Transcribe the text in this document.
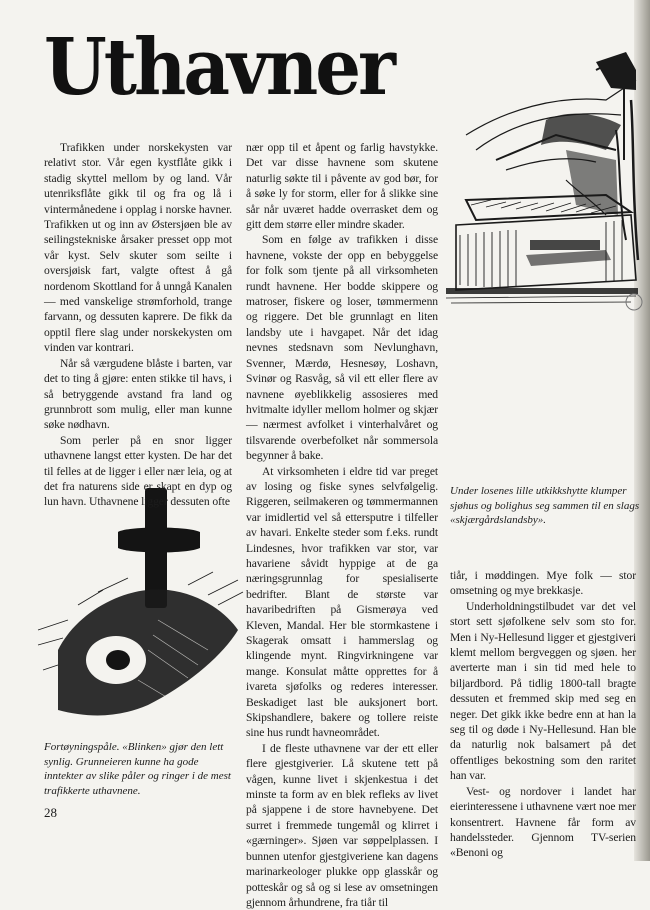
Uthavner

Trafikken under norskekysten var relativt stor. Vår egen kystflåte gikk i stadig skyttel mellom by og land. Vår utenriksflåte gikk til og fra og lå i vintermånedene i opplag i norske havner. Trafikken ut og inn av Østersjøen ble av seilingstekniske årsaker presset opp mot vår kyst. Selv skuter som seilte i oversjøisk fart, valgte oftest å gå nordenom Skottland for å unngå Kanalen — med vanskelige strømforhold, trange farvann, og dessuten kaprere. De fikk da opptil flere slag under norskekysten om vinden var kontrari.

Når så værgudene blåste i barten, var det to ting å gjøre: enten stikke til havs, i så betryggende avstand fra land og grunnbrott som mulig, eller man kunne søke nødhavn.

Som perler på en snor ligger uthavnene langst etter kysten. De har det til felles at de ligger i eller nær leia, og at det fra naturens side er skapt en dyp og lun havn. Uthavnene ligger dessuten ofte

nær opp til et åpent og farlig havstykke. Det var disse havnene som skutene naturlig søkte til i påvente av god bør, for å søke ly for storm, eller for å slikke sine sår når uværet hadde overrasket dem og gitt dem større eller mindre skader.

Som en følge av trafikken i disse havnene, vokste der opp en bebyggelse for folk som tjente på all virksomheten rundt havnene. Her bodde skippere og matroser, fiskere og loser, tømmermenn og riggere. Det ble grunnlagt en liten landsby ute i havgapet. Når det idag nevnes stedsnavn som Nevlunghavn, Svenner, Mærdø, Hesnesøy, Loshavn, Svinør og Rasvåg, så vil ett eller flere av navnene øyeblikkelig assosieres med hvitmalte idyller mellom holmer og skjær — nærmest avfolket i vinterhalvåret og tilsvarende overbefolket når sommersola begynner å bake.

At virksomheten i eldre tid var preget av losing og fiske synes selvfølgelig. Riggeren, seilmakeren og tømmermannen var imidlertid vel så ettersputre i tilfeller av havari. Enkelte steder som f.eks. rundt Lindesnes, hvor trafikken var stor, var havariene såvidt hyppige at de ga næringsgrunnlag for spesialiserte bedrifter. Blant de største var havaribedriften på Gismerøya ved Kleven, Mandal. Her ble stormkastene i Skagerak omsatt i hammerslag og klingende mynt. Ringvirkningene var mange. Konsulat måtte opprettes for å ivareta sjøfolks og rederes interesser. Beskadiget last ble auksjonert bort. Skipshandlere, bakere og tollere reiste sine hus rundt havneområdet.

I de fleste uthavnene var der ett eller flere gjestgiverier. Lå skutene tett på vågen, kunne livet i skjenkestua i det minste ta form av en blek refleks av livet på sjappene i de store havnebyene. Det surret i fremmede tungemål og klirret i «gærninger». Sjøen var søppelplassen. I bunnen utenfor gjestgiveriene kan dagens marinarkeologer plukke opp glasskår og potteskår og så og si lese av omsetningen gjennom århundrene, fra tiår til

tiår, i møddingen. Mye folk — stor omsetning og mye brekkasje.

Underholdningstilbudet var det vel stort sett sjøfolkene selv som sto for. Men i Ny-Hellesund ligger et gjestgiveri klemt mellom bergveggen og sjøen. her averterte man i sin tid med hele to biljardbord. På tidlig 1800-tall bragte dessuten et fremmed skip med seg en neger. Det gikk ikke bedre enn at han la seg til og døde i Ny-Hellesund. Han ble da naturlig nok balsamert på det offentliges bekostning som den raritet han var.

Vest- og nordover i landet har eierinteressene i uthavnene vært noe mer konsentrert. Havnene får form av handelssteder. Gjennom TV-serien «Benoni og

Fortøyningspåle. «Blinken» gjør den lett synlig. Grunneieren kunne ha gode inntekter av slike påler og ringer i de mest trafikkerte uthavnene.
Under losenes lille utkikkshytte klumper sjøhus og bolighus seg sammen til en slags «skjærgårdslandsby».
28
